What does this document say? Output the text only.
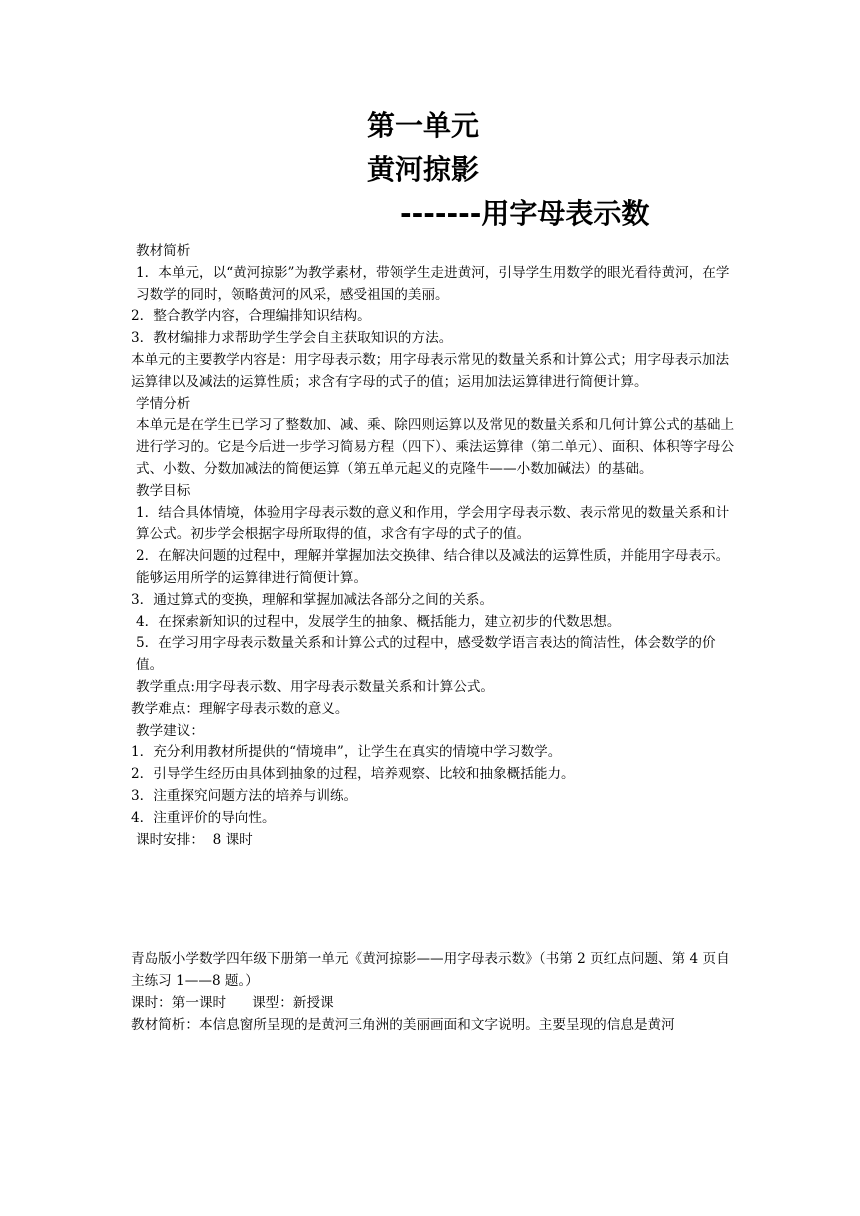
第一单元
黄河掠影
-------用字母表示数

教材简析

1．本单元，以“黄河掠影”为教学素材，带领学生走进黄河，引导学生用数学的眼光看待黄河，在学习数学的同时，领略黄河的风采，感受祖国的美丽。

2．整合教学内容，合理编排知识结构。

3．教材编排力求帮助学生学会自主获取知识的方法。

本单元的主要教学内容是：用字母表示数；用字母表示常见的数量关系和计算公式；用字母表示加法运算律以及减法的运算性质；求含有字母的式子的值；运用加法运算律进行简便计算。

学情分析

本单元是在学生已学习了整数加、减、乘、除四则运算以及常见的数量关系和几何计算公式的基础上进行学习的。它是今后进一步学习简易方程（四下）、乘法运算律（第二单元）、面积、体积等字母公式、小数、分数加减法的简便运算（第五单元起义的克隆牛——小数加碱法）的基础。

教学目标

1．结合具体情境，体验用字母表示数的意义和作用，学会用字母表示数、表示常见的数量关系和计算公式。初步学会根据字母所取得的值，求含有字母的式子的值。

2．在解决问题的过程中，理解并掌握加法交换律、结合律以及减法的运算性质，并能用字母表示。能够运用所学的运算律进行简便计算。

3．通过算式的变换，理解和掌握加减法各部分之间的关系。

4．在探索新知识的过程中，发展学生的抽象、概括能力，建立初步的代数思想。

5．在学习用字母表示数量关系和计算公式的过程中，感受数学语言表达的简洁性，体会数学的价值。

教学重点:用字母表示数、用字母表示数量关系和计算公式。

教学难点：理解字母表示数的意义。

教学建议：

1．充分利用教材所提供的“情境串”，让学生在真实的情境中学习数学。

2．引导学生经历由具体到抽象的过程，培养观察、比较和抽象概括能力。

3．注重探究问题方法的培养与训练。

4．注重评价的导向性。

课时安排：  8 课时

青岛版小学数学四年级下册第一单元《黄河掠影——用字母表示数》（书第 2 页红点问题、第 4 页自主练习 1——8 题。）

课时：第一课时      课型：新授课

教材简析：本信息窗所呈现的是黄河三角洲的美丽画面和文字说明。主要呈现的信息是黄河
